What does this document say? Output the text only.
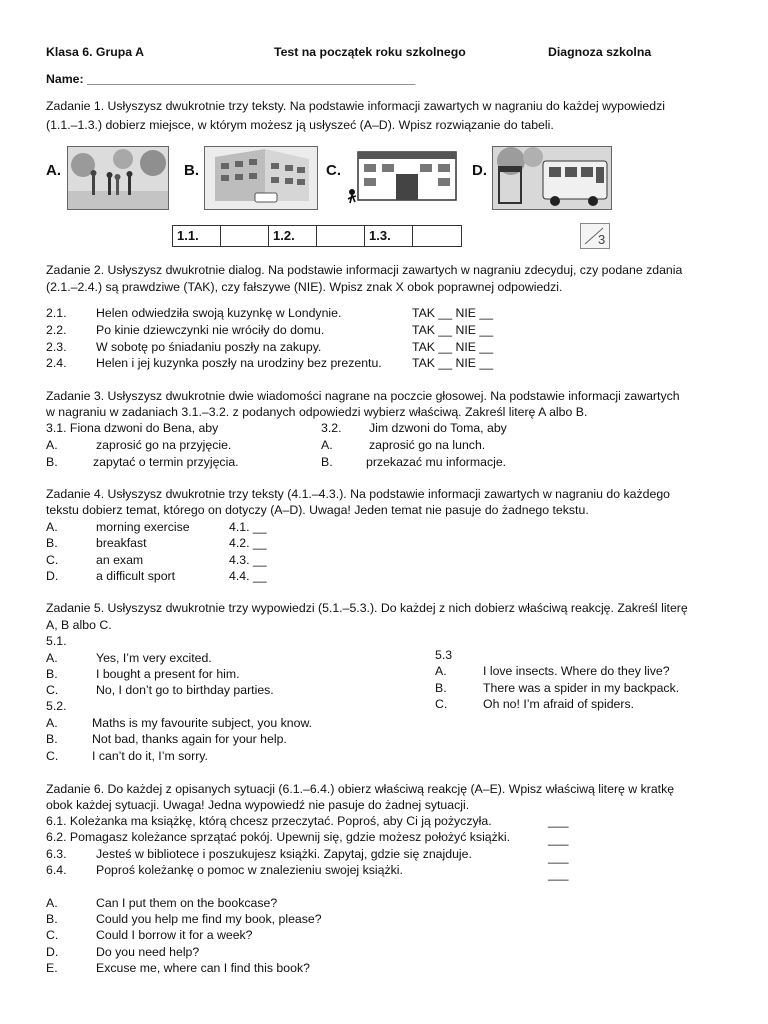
Klasa 6. Grupa A	Test na początek roku szkolnego	Diagnoza szkolna
Name: ________________________________________________
Zadanie 1. Usłyszysz dwukrotnie trzy teksty. Na podstawie informacji zawartych w nagraniu do każdej wypowiedzi
(1.1.–1.3.) dobierz miejsce, w którym możesz ją usłyszeć (A–D). Wpisz rozwiązanie do tabeli.
A.	B.	C.	D.
1.1.	1.2.	1.3.	3
Zadanie 2. Usłyszysz dwukrotnie dialog. Na podstawie informacji zawartych w nagraniu zdecyduj, czy podane zdania
(2.1.–2.4.) są prawdziwe (TAK), czy fałszywe (NIE). Wpisz znak X obok poprawnej odpowiedzi.
2.1. Helen odwiedziła swoją kuzynkę w Londynie.	TAK __ NIE __
2.2. Po kinie dziewczynki nie wróciły do domu.	TAK __ NIE __
2.3. W sobotę po śniadaniu poszły na zakupy.	TAK __ NIE __
2.4. Helen i jej kuzynka poszły na urodziny bez prezentu. TAK __ NIE __
Zadanie 3. Usłyszysz dwukrotnie dwie wiadomości nagrane na poczcie głosowej. Na podstawie informacji zawartych
w nagraniu w zadaniach 3.1.–3.2. z podanych odpowiedzi wybierz właściwą. Zakreśl literę A albo B.
3.1. Fiona dzwoni do Bena, aby
A.	zaprosić go na przyjęcie.
B.	zapytać o termin przyjęcia.
3.2. Jim dzwoni do Toma, aby
A.	zaprosić go na lunch.
B.	przekazać mu informacje.
Zadanie 4. Usłyszysz dwukrotnie trzy teksty (4.1.–4.3.). Na podstawie informacji zawartych w nagraniu do każdego
tekstu dobierz temat, którego on dotyczy (A–D). Uwaga! Jeden temat nie pasuje do żadnego tekstu.
A.	morning exercise	4.1. __
B.	breakfast	4.2. __
C.	an exam	4.3. __
D.	a difficult sport	4.4. __
Zadanie 5. Usłyszysz dwukrotnie trzy wypowiedzi (5.1.–5.3.). Do każdej z nich dobierz właściwą reakcję. Zakreśl literę
A, B albo C.
5.1.
A.	Yes, I’m very excited.
B.	I bought a present for him.
C.	No, I don’t go to birthday parties.
5.2.
A.	Maths is my favourite subject, you know.
B.	Not bad, thanks again for your help.
C.	I can’t do it, I’m sorry.
5.3
A.	I love insects. Where do they live?
B.	There was a spider in my backpack.
C.	Oh no! I’m afraid of spiders.
Zadanie 6. Do każdej z opisanych sytuacji (6.1.–6.4.) obierz właściwą reakcję (A–E). Wpisz właściwą literę w kratkę
obok każdej sytuacji. Uwaga! Jedna wypowiedź nie pasuje do żadnej sytuacji.
6.1. Koleżanka ma książkę, którą chcesz przeczytać. Poproś, aby Ci ją pożyczyła.	___
6.2. Pomagasz koleżance sprzątać pokój. Upewnij się, gdzie możesz położyć książki.	___
6.3. Jesteś w bibliotece i poszukujesz książki. Zapytaj, gdzie się znajduje.	___
6.4. Poproś koleżankę o pomoc w znalezieniu swojej książki.	___
A.	Can I put them on the bookcase?
B.	Could you help me find my book, please?
C.	Could I borrow it for a week?
D.	Do you need help?
E.	Excuse me, where can I find this book?
